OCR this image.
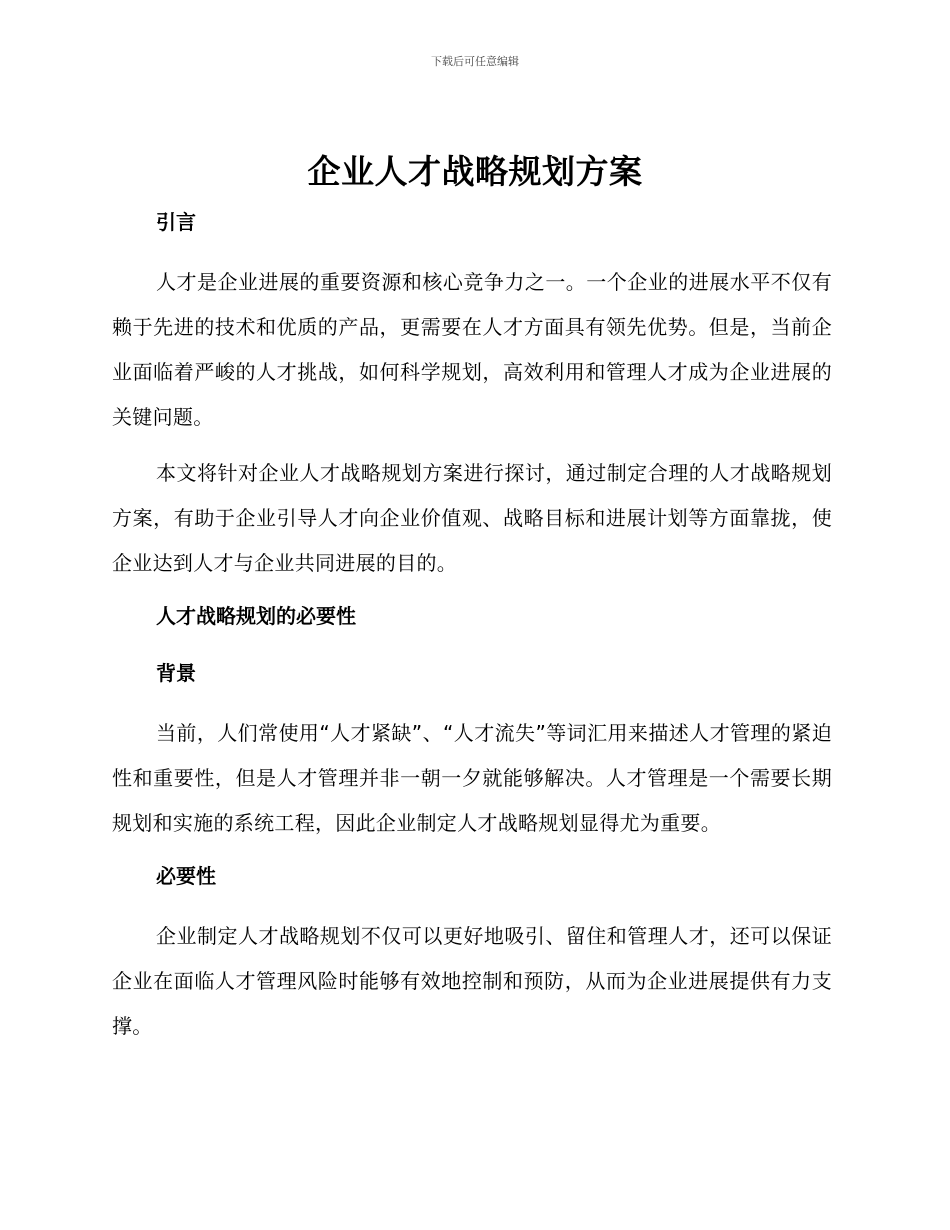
下载后可任意编辑
企业人才战略规划方案
引言

人才是企业进展的重要资源和核心竞争力之一。一个企业的进展水平不仅有赖于先进的技术和优质的产品，更需要在人才方面具有领先优势。但是，当前企业面临着严峻的人才挑战，如何科学规划，高效利用和管理人才成为企业进展的关键问题。

本文将针对企业人才战略规划方案进行探讨，通过制定合理的人才战略规划方案，有助于企业引导人才向企业价值观、战略目标和进展计划等方面靠拢，使企业达到人才与企业共同进展的目的。

人才战略规划的必要性
背景

当前，人们常使用“人才紧缺”、“人才流失”等词汇用来描述人才管理的紧迫性和重要性，但是人才管理并非一朝一夕就能够解决。人才管理是一个需要长期规划和实施的系统工程，因此企业制定人才战略规划显得尤为重要。

必要性

企业制定人才战略规划不仅可以更好地吸引、留住和管理人才，还可以保证企业在面临人才管理风险时能够有效地控制和预防，从而为企业进展提供有力支撑。
